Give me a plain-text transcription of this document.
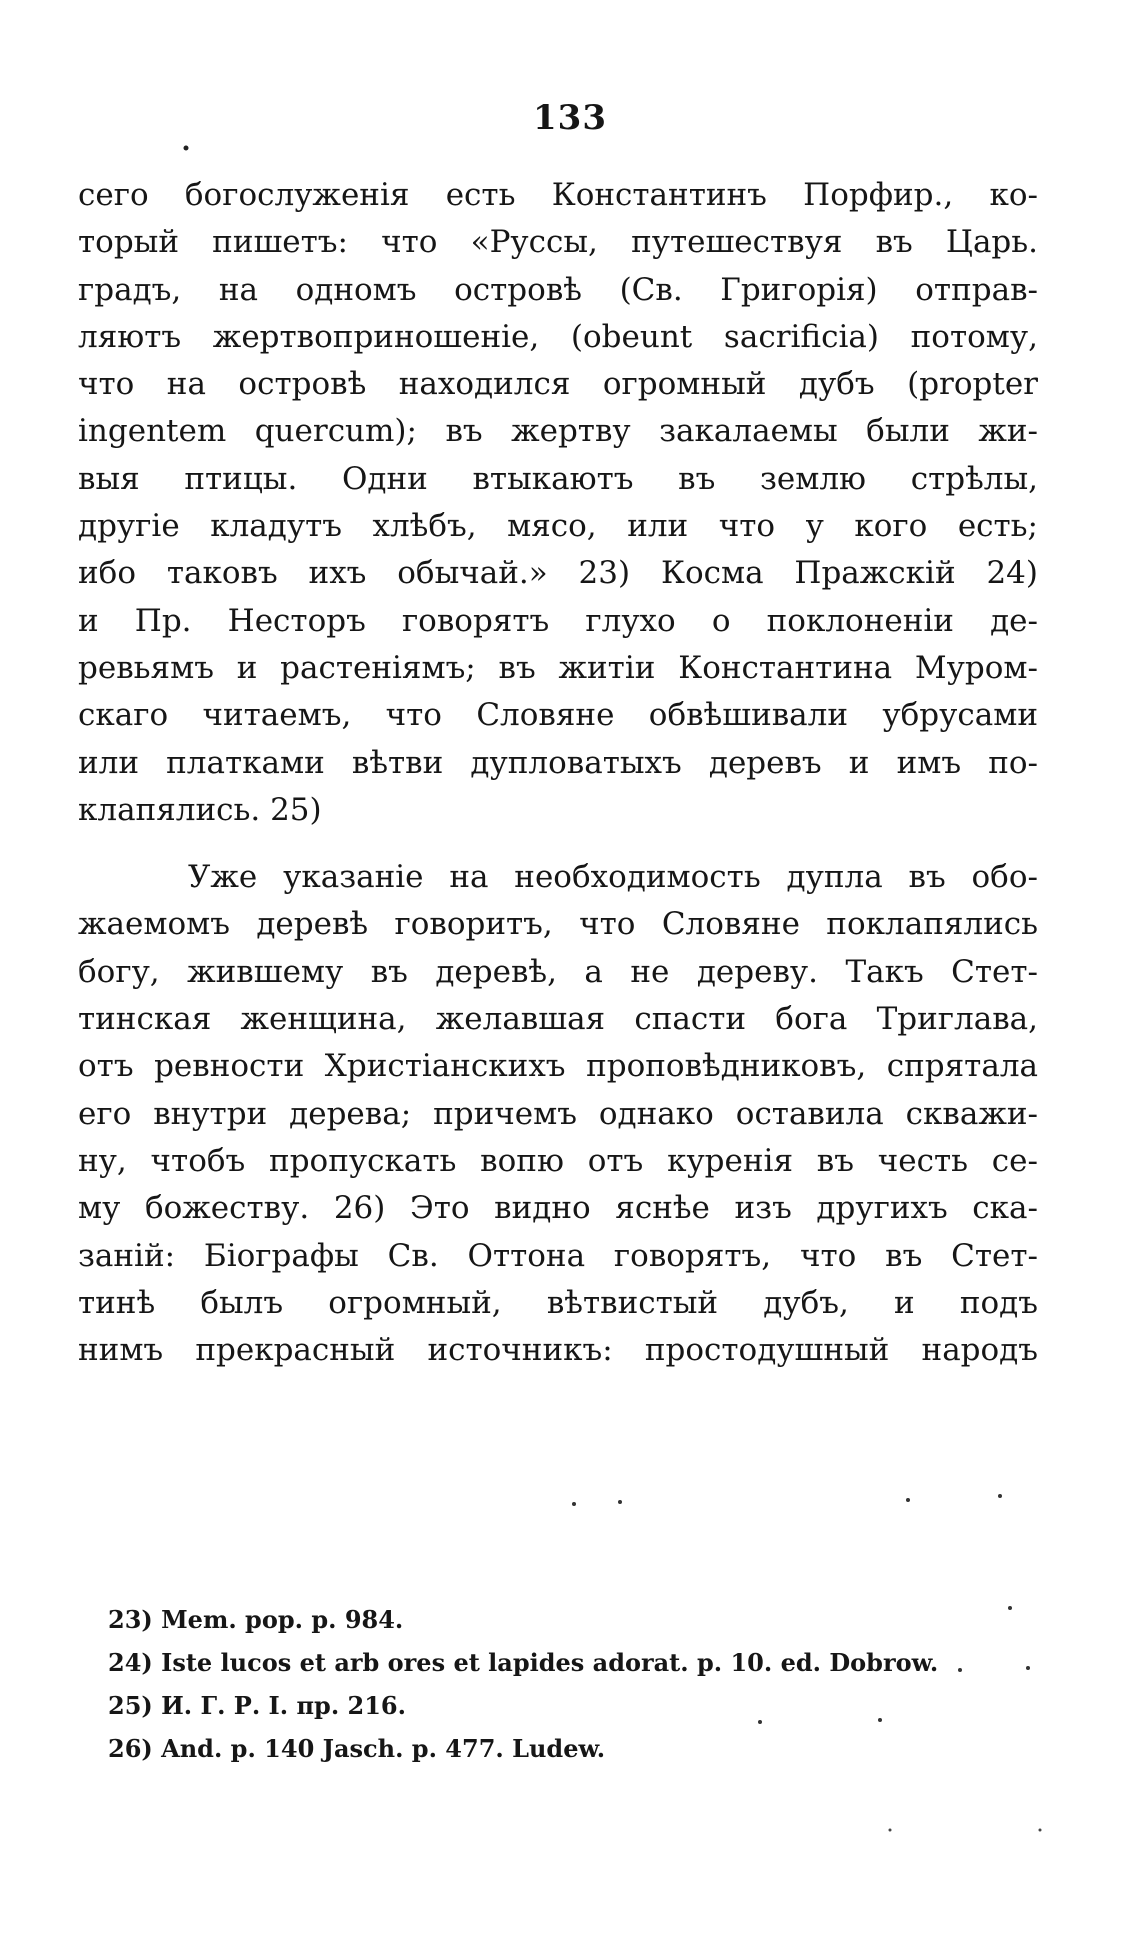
133
сего богослуженія есть Константинъ Порфир., ко-
торый пишетъ: что «Руссы, путешествуя въ Царь.
градъ, на одномъ островѣ (Св. Григорія) отправ-
ляютъ жертвоприношеніе, (obeunt sacrificia) потому,
что на островѣ находился огромный дубъ (propter
ingentem quercum); въ жертву закалаемы были жи-
выя птицы. Одни втыкаютъ въ землю стрѣлы,
другіе кладутъ хлѣбъ, мясо, или что у кого есть;
ибо таковъ ихъ обычай.» 23) Косма Пражскій 24)
и Пр. Несторъ говорятъ глухо о поклоненіи де-
ревьямъ и растеніямъ; въ житіи Константина Муром-
скаго читаемъ, что Словяне обвѣшивали убрусами
или платками вѣтви дупловатыхъ деревъ и имъ по-
клапялись. 25)
Уже указаніе на необходимость дупла въ обо-
жаемомъ деревѣ говоритъ, что Словяне поклапялись
богу, жившему въ деревѣ, а не дереву. Такъ Стет-
тинская женщина, желавшая спасти бога Триглава,
отъ ревности Христіанскихъ проповѣдниковъ, спрятала
его внутри дерева; причемъ однако оставила скважи-
ну, чтобъ пропускать вопю отъ куренія въ честь се-
му божеству. 26) Это видно яснѣе изъ другихъ ска-
заній: Біографы Св. Оттона говорятъ, что въ Стет-
тинѣ былъ огромный, вѣтвистый дубъ, и подъ
нимъ прекрасный источникъ: простодушный народъ
23) Mem. pop. p. 984.
24) Iste lucos et arb ores et lapides adorat. p. 10. ed. Dobrow.
25) И. Г. Р. I. пр. 216.
26) And. p. 140 Jasch. p. 477. Ludew.
